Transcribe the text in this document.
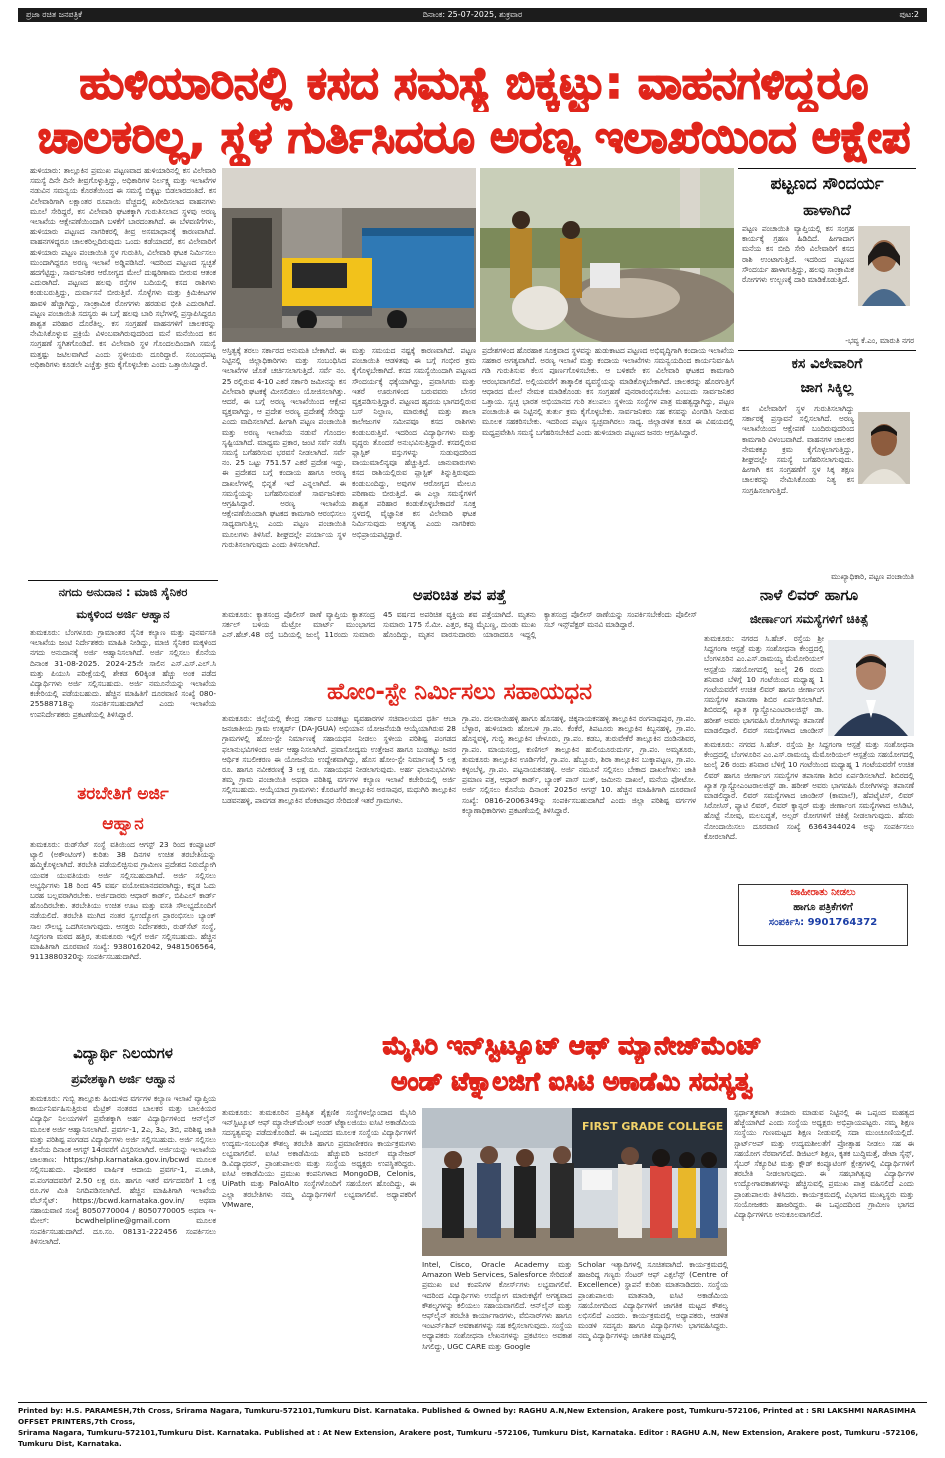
ಪ್ರಜಾ ರಚಿತ ಜನಪತ್ರಿಕೆ	ದಿನಾಂಕ: 25-07-2025, ಶುಕ್ರವಾರ	ಪುಟ:2
ಹುಳಿಯಾರಿನಲ್ಲಿ ಕಸದ ಸಮಸ್ಯೆ ಬಿಕ್ಕಟ್ಟು: ವಾಹನಗಳಿದ್ದರೂ
ಚಾಲಕರಿಲ್ಲ, ಸ್ಥಳ ಗುರ್ತಿಸಿದರೂ ಅರಣ್ಯ ಇಲಾಖೆಯಿಂದ ಆಕ್ಷೇಪ
ಹುಳಿಯಾರು: ತಾಲ್ಲೂಕಿನ ಪ್ರಮುಖ ಪಟ್ಟಣವಾದ ಹುಳಿಯಾರಿನಲ್ಲಿ ಕಸ ವಿಲೇವಾರಿ ಸಮಸ್ಯೆ ದಿನೇ ದಿನೇ ತೀವ್ರಗೊಳ್ಳುತ್ತಿದ್ದು, ಅಧಿಕಾರಿಗಳ ನಿರ್ಲಕ್ಷ್ಯ ಮತ್ತು ಇಲಾಖೆಗಳ ನಡುವಿನ ಸಮನ್ವಯ ಕೊರತೆಯಿಂದ ಈ ಸಮಸ್ಯೆ ಬಿಕ್ಕಟ್ಟು ಬಿಡಲಾರದಂತಿದೆ. ಕಸ ವಿಲೇವಾರಿಗಾಗಿ ಲಕ್ಷಾಂತರ ರೂಪಾಯಿ ವೆಚ್ಚದಲ್ಲಿ ಖರೀದಿಸಲಾದ ವಾಹನಗಳು ಮೂಲೆ ಸೇರಿದ್ದರೆ, ಕಸ ವಿಲೇವಾರಿ ಘಟಕಕ್ಕಾಗಿ ಗುರುತಿಸಲಾದ ಸ್ಥಳವು ಅರಣ್ಯ ಇಲಾಖೆಯ ಆಕ್ಷೇಪಣೆಯಿಂದಾಗಿ ಬಳಕೆಗೆ ಬಾರದಂತಾಗಿದೆ. ಈ ಬೆಳವಣಿಗೆಗಳು, ಹುಳಿಯಾರು ಪಟ್ಟಣದ ನಾಗರಿಕರಲ್ಲಿ ತೀವ್ರ ಅಸಮಾಧಾನಕ್ಕೆ ಕಾರಣವಾಗಿದೆ. ವಾಹನಗಳಿದ್ದರೂ ಚಾಲಕರಿಲ್ಲದಿರುವುದು ಒಂದು ಕಡೆಯಾದರೆ, ಕಸ ವಿಲೇವಾರಿಗೆ ಹುಳಿಯಾರು ಪಟ್ಟಣ ಪಂಚಾಯಿತಿ ಸ್ಥಳ ಗುರುತಿಸಿ, ವಿಲೇವಾರಿ ಘಟಕ ನಿರ್ಮಿಸಲು ಮುಂದಾಗಿದ್ದರೂ ಅರಣ್ಯ ಇಲಾಖೆ ಅಡ್ಡಿಪಡಿಸಿದೆ. ಇದರಿಂದ ಪಟ್ಟಣದ ಸ್ವಚ್ಛತೆ ಹದಗೆಟ್ಟಿದ್ದು, ಸಾರ್ವಜನಿಕರ ಆರೋಗ್ಯದ ಮೇಲೆ ದುಷ್ಪರಿಣಾಮ ಬೀರುವ ಆತಂಕ ಎದುರಾಗಿದೆ. ಪಟ್ಟಣದ ಹಲವು ರಸ್ತೆಗಳ ಬದಿಯಲ್ಲಿ ಕಸದ ರಾಶಿಗಳು ಕಂಡುಬರುತ್ತಿದ್ದು, ದುರ್ವಾಸನೆ ಬೀರುತ್ತಿವೆ. ಸೊಳ್ಳೆಗಳು ಮತ್ತು ಕ್ರಿಮಿಕೀಟಗಳ ಹಾವಳಿ ಹೆಚ್ಚಾಗಿದ್ದು, ಸಾಂಕ್ರಾಮಿಕ ರೋಗಗಳು ಹರಡುವ ಭೀತಿ ಎದುರಾಗಿದೆ. ಪಟ್ಟಣ ಪಂಚಾಯಿತಿ ಸದಸ್ಯರು ಈ ಬಗ್ಗೆ ಹಲವು ಬಾರಿ ಸಭೆಗಳಲ್ಲಿ ಪ್ರಸ್ತಾಪಿಸಿದ್ದರೂ ಶಾಶ್ವತ ಪರಿಹಾರ ದೊರೆತಿಲ್ಲ. ಕಸ ಸಂಗ್ರಹಣೆ ವಾಹನಗಳಿಗೆ ಚಾಲಕರನ್ನು ನೇಮಿಸಿಕೊಳ್ಳುವ ಪ್ರಕ್ರಿಯೆ ವಿಳಂಬವಾಗಿರುವುದರಿಂದ ಮನೆ ಮನೆಯಿಂದ ಕಸ ಸಂಗ್ರಹಣೆ ಸ್ಥಗಿತಗೊಂಡಿದೆ. ಕಸ ವಿಲೇವಾರಿ ಸ್ಥಳ ಗೊಂದಲದಿಂದಾಗಿ ಸಮಸ್ಯೆ ಮತ್ತಷ್ಟು ಜಟಿಲವಾಗಿದೆ ಎಂದು ಸ್ಥಳೀಯರು ದೂರಿದ್ದಾರೆ. ಸಂಬಂಧಪಟ್ಟ ಅಧಿಕಾರಿಗಳು ಕೂಡಲೇ ಎಚ್ಚೆತ್ತು ಕ್ರಮ ಕೈಗೊಳ್ಳಬೇಕು ಎಂದು ಒತ್ತಾಯಿಸಿದ್ದಾರೆ.
ಪಟ್ಟಣದ ಸೌಂದರ್ಯ
ಹಾಳಾಗಿದೆ
ಪಟ್ಟಣ ಪಂಚಾಯಿತಿ ವ್ಯಾಪ್ತಿಯಲ್ಲಿ ಕಸ ಸಂಗ್ರಹ ಕಾರ್ಯಕ್ಕೆ ಗ್ರಹಣ ಹಿಡಿದಿದೆ. ಹೀಗಾದಾಗ ಮನೆಯ ಕಸ ಬೀದಿ ಸೇರಿ ವಿಲೇವಾರಿಗೆ ಕಸದ ರಾಶಿ ಉಂಟಾಗುತ್ತಿದೆ. ಇದರಿಂದ ಪಟ್ಟಣದ ಸೌಂದರ್ಯ ಹಾಳಾಗುತ್ತಿದ್ದು, ಹಲವು ಸಾಂಕ್ರಾಮಿಕ ರೋಗಗಳು ಉಲ್ಬಣಕ್ಕೆ ದಾರಿ ಮಾಡಿಕೊಡುತ್ತಿದೆ.
-ಭವ್ಯ ಕೆ.ಎಂ, ಮಾರುತಿ ನಗರ
ಕಸ ವಿಲೇವಾರಿಗೆ
ಜಾಗ ಸಿಕ್ಕಿಲ್ಲ
ಕಸ ವಿಲೇವಾರಿಗೆ ಸ್ಥಳ ಗುರುತಿಸಲಾಗಿದ್ದು ಸರ್ಕಾರಕ್ಕೆ ಪ್ರಸ್ತಾವನೆ ಸಲ್ಲಿಸಲಾಗಿದೆ. ಅರಣ್ಯ ಇಲಾಖೆಯಿಂದ ಆಕ್ಷೇಪಣೆ ಬಂದಿರುವುದರಿಂದ ಕಾಮಗಾರಿ ವಿಳಂಬವಾಗಿದೆ. ವಾಹನಗಳ ಚಾಲಕರ ನೇಮಕಕ್ಕೂ ಕ್ರಮ ಕೈಗೊಳ್ಳಲಾಗುತ್ತಿದ್ದು, ಶೀಘ್ರದಲ್ಲೇ ಸಮಸ್ಯೆ ಬಗೆಹರಿಸಲಾಗುವುದು. ಹೀಗಾಗಿ ಕಸ ಸಂಗ್ರಹಣೆಗೆ ಸ್ಥಳ ಸಿಕ್ಕ ತಕ್ಷಣ ಚಾಲಕರನ್ನು ನೇಮಿಸಿಕೊಂಡು ನಿತ್ಯ ಕಸ ಸಂಗ್ರಹಿಸಲಾಗುತ್ತಿದೆ.
ಮುಖ್ಯಾಧಿಕಾರಿ, ಪಟ್ಟಣ ಪಂಚಾಯಿತಿ
ಅಸ್ತಿತ್ವಕ್ಕೆ ತರಲು ಸರ್ಕಾರದ ಅನುಮತಿ ಬೇಕಾಗಿದೆ. ಈ ನಿಟ್ಟಿನಲ್ಲಿ ಜಿಲ್ಲಾಧಿಕಾರಿಗಳು ಮತ್ತು ಸಂಬಂಧಿಸಿದ ಇಲಾಖೆಗಳ ಜೊತೆ ಚರ್ಚಿಸಲಾಗುತ್ತಿದೆ. ಸರ್ವೆ ನಂ. 25 ರಲ್ಲಿರುವ 4-10 ಎಕರೆ ಸರ್ಕಾರಿ ಜಮೀನನ್ನು ಕಸ ವಿಲೇವಾರಿ ಘಟಕಕ್ಕೆ ಮೀಸಲಿಡಲು ಯೋಜಿಸಲಾಗಿತ್ತು. ಆದರೆ, ಈ ಬಗ್ಗೆ ಅರಣ್ಯ ಇಲಾಖೆಯಿಂದ ಆಕ್ಷೇಪ ವ್ಯಕ್ತವಾಗಿದ್ದು, ಆ ಪ್ರದೇಶ ಅರಣ್ಯ ಪ್ರದೇಶಕ್ಕೆ ಸೇರಿದ್ದು ಎಂದು ವಾದಿಸಲಾಗಿದೆ. ಹೀಗಾಗಿ ಪಟ್ಟಣ ಪಂಚಾಯಿತಿ ಮತ್ತು ಅರಣ್ಯ ಇಲಾಖೆಯ ನಡುವೆ ಗೊಂದಲ ಸೃಷ್ಟಿಯಾಗಿದೆ. ಮಾಧ್ಯಮ ಪ್ರಕಾರ, ಜಂಟಿ ಸರ್ವೆ ನಡೆಸಿ ಸಮಸ್ಯೆ ಬಗೆಹರಿಸುವ ಭರವಸೆ ನೀಡಲಾಗಿದೆ. ಸರ್ವೆ ನಂ. 25 ಒಟ್ಟು 751.57 ಎಕರೆ ಪ್ರದೇಶ ಇದ್ದು, ಈ ಪ್ರದೇಶದ ಬಗ್ಗೆ ಕಂದಾಯ ಹಾಗೂ ಅರಣ್ಯ ದಾಖಲೆಗಳಲ್ಲಿ ಭಿನ್ನತೆ ಇದೆ ಎನ್ನಲಾಗಿದೆ. ಈ ಸಮಸ್ಯೆಯನ್ನು ಬಗೆಹರಿಸುವಂತೆ ಸಾರ್ವಜನಿಕರು ಆಗ್ರಹಿಸಿದ್ದಾರೆ. ಅರಣ್ಯ ಇಲಾಖೆಯ ಆಕ್ಷೇಪಣೆಯಿಂದಾಗಿ ಘಟಕದ ಕಾಮಗಾರಿ ಆರಂಭಿಸಲು ಸಾಧ್ಯವಾಗುತ್ತಿಲ್ಲ ಎಂದು ಪಟ್ಟಣ ಪಂಚಾಯಿತಿ ಮೂಲಗಳು ತಿಳಿಸಿವೆ. ಶೀಘ್ರದಲ್ಲೇ ಪರ್ಯಾಯ ಸ್ಥಳ ಗುರುತಿಸಲಾಗುವುದು ಎಂದು ತಿಳಿಸಲಾಗಿದೆ.
ಮತ್ತು ಸಮಯದ ನಷ್ಟಕ್ಕೆ ಕಾರಣವಾಗಿದೆ. ಪಟ್ಟಣ ಪಂಚಾಯಿತಿ ಆಡಳಿತವು ಈ ಬಗ್ಗೆ ಗಂಭೀರ ಕ್ರಮ ಕೈಗೊಳ್ಳಬೇಕಾಗಿದೆ. ಕಸದ ಸಮಸ್ಯೆಯಿಂದಾಗಿ ಪಟ್ಟಣದ ಸೌಂದರ್ಯಕ್ಕೆ ಧಕ್ಕೆಯಾಗಿದ್ದು, ಪ್ರವಾಸಿಗರು ಮತ್ತು ಇತರೆ ಊರುಗಳಿಂದ ಬರುವವರು ಬೇಸರ ವ್ಯಕ್ತಪಡಿಸುತ್ತಿದ್ದಾರೆ. ಪಟ್ಟಣದ ಹೃದಯ ಭಾಗದಲ್ಲಿರುವ ಬಸ್ ನಿಲ್ದಾಣ, ಮಾರುಕಟ್ಟೆ ಮತ್ತು ಶಾಲಾ ಕಾಲೇಜುಗಳ ಸಮೀಪವೂ ಕಸದ ರಾಶಿಗಳು ಕಂಡುಬರುತ್ತಿವೆ. ಇದರಿಂದ ವಿದ್ಯಾರ್ಥಿಗಳು ಮತ್ತು ವೃದ್ಧರು ತೊಂದರೆ ಅನುಭವಿಸುತ್ತಿದ್ದಾರೆ. ಕಸದಲ್ಲಿರುವ ಪ್ಲಾಸ್ಟಿಕ್ ವಸ್ತುಗಳನ್ನು ಸುಡುವುದರಿಂದ ವಾಯುಮಾಲಿನ್ಯವೂ ಹೆಚ್ಚುತ್ತಿದೆ. ಜಾನುವಾರುಗಳು ಕಸದ ರಾಶಿಯಲ್ಲಿರುವ ಪ್ಲಾಸ್ಟಿಕ್ ತಿನ್ನುತ್ತಿರುವುದು ಕಂಡುಬಂದಿದ್ದು, ಅವುಗಳ ಆರೋಗ್ಯದ ಮೇಲೂ ಪರಿಣಾಮ ಬೀರುತ್ತಿದೆ. ಈ ಎಲ್ಲಾ ಸಮಸ್ಯೆಗಳಿಗೆ ಶಾಶ್ವತ ಪರಿಹಾರ ಕಂಡುಕೊಳ್ಳಬೇಕಾದರೆ ಸೂಕ್ತ ಸ್ಥಳದಲ್ಲಿ ವೈಜ್ಞಾನಿಕ ಕಸ ವಿಲೇವಾರಿ ಘಟಕ ನಿರ್ಮಿಸುವುದು ಅತ್ಯಗತ್ಯ ಎಂದು ನಾಗರಿಕರು ಅಭಿಪ್ರಾಯಪಟ್ಟಿದ್ದಾರೆ.
ಪ್ರದೇಶಗಳಿಂದ ಹೊರಹಾಕ ಸೂಕ್ತವಾದ ಸ್ಥಳವನ್ನು ಹುಡುಕಾಟದ ಪಟ್ಟಣದ ಅಭಿವೃದ್ಧಿಗಾಗಿ ಕಂದಾಯ ಇಲಾಖೆಯ ಸಹಕಾರ ಅಗತ್ಯವಾಗಿದೆ. ಅರಣ್ಯ ಇಲಾಖೆ ಮತ್ತು ಕಂದಾಯ ಇಲಾಖೆಗಳು ಸಮನ್ವಯದಿಂದ ಕಾರ್ಯನಿರ್ವಹಿಸಿ ಗಡಿ ಗುರುತಿಸುವ ಕೆಲಸ ಪೂರ್ಣಗೊಳಿಸಬೇಕು. ಆ ಬಳಿಕವೇ ಕಸ ವಿಲೇವಾರಿ ಘಟಕದ ಕಾಮಗಾರಿ ಆರಂಭವಾಗಲಿದೆ. ಅಲ್ಲಿಯವರೆಗೆ ತಾತ್ಕಾಲಿಕ ವ್ಯವಸ್ಥೆಯನ್ನು ಮಾಡಿಕೊಳ್ಳಬೇಕಾಗಿದೆ. ಚಾಲಕರನ್ನು ಹೊರಗುತ್ತಿಗೆ ಆಧಾರದ ಮೇಲೆ ನೇಮಕ ಮಾಡಿಕೊಂಡು ಕಸ ಸಂಗ್ರಹಣೆ ಪುನರಾರಂಭಿಸಬೇಕು ಎಂಬುದು ಸಾರ್ವಜನಿಕರ ಒತ್ತಾಯ. ಸ್ವಚ್ಛ ಭಾರತ ಅಭಿಯಾನದ ಗುರಿ ತಲುಪಲು ಸ್ಥಳೀಯ ಸಂಸ್ಥೆಗಳ ಪಾತ್ರ ಮಹತ್ವದ್ದಾಗಿದ್ದು, ಪಟ್ಟಣ ಪಂಚಾಯಿತಿ ಈ ನಿಟ್ಟಿನಲ್ಲಿ ತುರ್ತು ಕ್ರಮ ಕೈಗೊಳ್ಳಬೇಕು. ಸಾರ್ವಜನಿಕರು ಸಹ ಕಸವನ್ನು ವಿಂಗಡಿಸಿ ನೀಡುವ ಮೂಲಕ ಸಹಕರಿಸಬೇಕು. ಇದರಿಂದ ಪಟ್ಟಣ ಸ್ವಚ್ಛವಾಗಿರಲು ಸಾಧ್ಯ. ಜಿಲ್ಲಾಡಳಿತ ಕೂಡ ಈ ವಿಷಯದಲ್ಲಿ ಮಧ್ಯಪ್ರವೇಶಿಸಿ ಸಮಸ್ಯೆ ಬಗೆಹರಿಸಬೇಕಿದೆ ಎಂದು ಹುಳಿಯಾರು ಪಟ್ಟಣದ ಜನರು ಆಗ್ರಹಿಸಿದ್ದಾರೆ.
ನಗದು ಅನುದಾನ : ಮಾಜಿ ಸೈನಿಕರ
ಮಕ್ಕಳಿಂದ ಅರ್ಜಿ ಆಹ್ವಾನ
ತುಮಕೂರು: ಬೆಂಗಳೂರು ಗ್ರಾಮಾಂತರ ಸೈನಿಕ ಕಲ್ಯಾಣ ಮತ್ತು ಪುನರ್ವಸತಿ ಇಲಾಖೆಯ ಜಂಟಿ ನಿರ್ದೇಶಕರು ಮಾಹಿತಿ ನೀಡಿದ್ದು, ಮಾಜಿ ಸೈನಿಕರ ಮಕ್ಕಳಿಂದ ನಗದು ಅನುದಾನಕ್ಕೆ ಅರ್ಜಿ ಆಹ್ವಾನಿಸಲಾಗಿದೆ. ಅರ್ಜಿ ಸಲ್ಲಿಸಲು ಕೊನೆಯ ದಿನಾಂಕ 31-08-2025. 2024-25ನೇ ಸಾಲಿನ ಎಸ್.ಎಸ್.ಎಲ್.ಸಿ ಮತ್ತು ಪಿಯುಸಿ ಪರೀಕ್ಷೆಯಲ್ಲಿ ಶೇಕಡ 60ಕ್ಕಿಂತ ಹೆಚ್ಚು ಅಂಕ ಪಡೆದ ವಿದ್ಯಾರ್ಥಿಗಳು ಅರ್ಜಿ ಸಲ್ಲಿಸಬಹುದು. ಅರ್ಜಿ ನಮೂನೆಯನ್ನು ಇಲಾಖೆಯ ಕಚೇರಿಯಲ್ಲಿ ಪಡೆಯಬಹುದು. ಹೆಚ್ಚಿನ ಮಾಹಿತಿಗೆ ದೂರವಾಣಿ ಸಂಖ್ಯೆ 080-25588718ನ್ನು ಸಂಪರ್ಕಿಸಬಹುದಾಗಿದೆ ಎಂದು ಇಲಾಖೆಯ ಉಪನಿರ್ದೇಶಕರು ಪ್ರಕಟಣೆಯಲ್ಲಿ ತಿಳಿಸಿದ್ದಾರೆ.
ಅಪರಿಚಿತ ಶವ ಪತ್ತೆ
ತುಮಕೂರು: ಕ್ಯಾತಸಂದ್ರ ಪೊಲೀಸ್ ಠಾಣೆ ವ್ಯಾಪ್ತಿಯ ಕ್ಯಾತಸಂದ್ರ ಸರ್ಕಲ್ ಬಳಿಯ ಮೆಟ್ರೋ ಮಾರ್ಟ್ ಮುಂಭಾಗದ ಎನ್.ಹೆಚ್.48 ರಸ್ತೆ ಬದಿಯಲ್ಲಿ ಜುಲೈ 11ರಂದು ಸುಮಾರು 45 ವರ್ಷದ ಅಪರಿಚಿತ ವ್ಯಕ್ತಿಯ ಶವ ಪತ್ತೆಯಾಗಿದೆ. ಮೃತನು ಸುಮಾರು 175 ಸೆ.ಮೀ. ಎತ್ತರ, ಕಪ್ಪು ಮೈಬಣ್ಣ, ದುಂಡು ಮುಖ ಹೊಂದಿದ್ದು, ಮೃತನ ವಾರಸುದಾರರು ಯಾರಾದರೂ ಇದ್ದಲ್ಲಿ ಕ್ಯಾತಸಂದ್ರ ಪೊಲೀಸ್ ಠಾಣೆಯನ್ನು ಸಂಪರ್ಕಿಸಬೇಕೆಂದು ಪೊಲೀಸ್ ಸಬ್ ಇನ್ಸ್‌ಪೆಕ್ಟರ್ ಮನವಿ ಮಾಡಿದ್ದಾರೆ.
ನಾಳೆ ಲಿವರ್ ಹಾಗೂ
ಜೀರ್ಣಾಂಗ ಸಮಸ್ಯೆಗಳಿಗೆ ಚಿಕಿತ್ಸೆ
ತುಮಕೂರು: ನಗರದ ಸಿ.ಹೆಚ್. ರಸ್ತೆಯ ಶ್ರೀ ಸಿದ್ದಗಂಗಾ ಆಸ್ಪತ್ರೆ ಮತ್ತು ಸಂಶೋಧನಾ ಕೇಂದ್ರದಲ್ಲಿ ಬೆಂಗಳೂರಿನ ಎಂ.ಎಸ್.ರಾಮಯ್ಯ ಮೆಮೋರಿಯಲ್ ಆಸ್ಪತ್ರೆಯ ಸಹಯೋಗದಲ್ಲಿ ಜುಲೈ 26 ರಂದು ಶನಿವಾರ ಬೆಳಿಗ್ಗೆ 10 ಗಂಟೆಯಿಂದ ಮಧ್ಯಾಹ್ನ 1 ಗಂಟೆಯವರೆಗೆ ಉಚಿತ ಲಿವರ್ ಹಾಗೂ ಜೀರ್ಣಾಂಗ ಸಮಸ್ಯೆಗಳ ತಪಾಸಣಾ ಶಿಬಿರ ಏರ್ಪಡಿಸಲಾಗಿದೆ. ಶಿಬಿರದಲ್ಲಿ ಖ್ಯಾತ ಗ್ಯಾಸ್ಟ್ರೋಎಂಟರಾಲಜಿಸ್ಟ್ ಡಾ. ಹರೀಶ್ ಅವರು ಭಾಗವಹಿಸಿ ರೋಗಿಗಳನ್ನು ತಪಾಸಣೆ ಮಾಡಲಿದ್ದಾರೆ. ಲಿವರ್ ಸಮಸ್ಯೆಗಳಾದ ಜಾಂಡೀಸ್
ತುಮಕೂರು: ನಗರದ ಸಿ.ಹೆಚ್. ರಸ್ತೆಯ ಶ್ರೀ ಸಿದ್ದಗಂಗಾ ಆಸ್ಪತ್ರೆ ಮತ್ತು ಸಂಶೋಧನಾ ಕೇಂದ್ರದಲ್ಲಿ ಬೆಂಗಳೂರಿನ ಎಂ.ಎಸ್.ರಾಮಯ್ಯ ಮೆಮೋರಿಯಲ್ ಆಸ್ಪತ್ರೆಯ ಸಹಯೋಗದಲ್ಲಿ ಜುಲೈ 26 ರಂದು ಶನಿವಾರ ಬೆಳಿಗ್ಗೆ 10 ಗಂಟೆಯಿಂದ ಮಧ್ಯಾಹ್ನ 1 ಗಂಟೆಯವರೆಗೆ ಉಚಿತ ಲಿವರ್ ಹಾಗೂ ಜೀರ್ಣಾಂಗ ಸಮಸ್ಯೆಗಳ ತಪಾಸಣಾ ಶಿಬಿರ ಏರ್ಪಡಿಸಲಾಗಿದೆ. ಶಿಬಿರದಲ್ಲಿ ಖ್ಯಾತ ಗ್ಯಾಸ್ಟ್ರೋಎಂಟರಾಲಜಿಸ್ಟ್ ಡಾ. ಹರೀಶ್ ಅವರು ಭಾಗವಹಿಸಿ ರೋಗಿಗಳನ್ನು ತಪಾಸಣೆ ಮಾಡಲಿದ್ದಾರೆ. ಲಿವರ್ ಸಮಸ್ಯೆಗಳಾದ ಜಾಂಡೀಸ್ (ಕಾಮಾಲೆ), ಹೆಪಟೈಟಿಸ್, ಲಿವರ್ ಸಿರೋಸಿಸ್, ಫ್ಯಾಟಿ ಲಿವರ್, ಲಿವರ್ ಕ್ಯಾನ್ಸರ್ ಮತ್ತು ಜೀರ್ಣಾಂಗ ಸಮಸ್ಯೆಗಳಾದ ಅಸಿಡಿಟಿ, ಹೊಟ್ಟೆ ನೋವು, ಮಲಬದ್ಧತೆ, ಅಲ್ಸರ್ ರೋಗಗಳಿಗೆ ಚಿಕಿತ್ಸೆ ನೀಡಲಾಗುವುದು. ಹೆಸರು ನೋಂದಾಯಿಸಲು ದೂರವಾಣಿ ಸಂಖ್ಯೆ 6364344024 ಅನ್ನು ಸಂಪರ್ಕಿಸಲು ಕೋರಲಾಗಿದೆ.
ಹೋಂ-ಸ್ಟೇ ನಿರ್ಮಿಸಲು ಸಹಾಯಧನ
ತುಮಕೂರು: ಜಿಲ್ಲೆಯಲ್ಲಿ ಕೇಂದ್ರ ಸರ್ಕಾರ ಬುಡಕಟ್ಟು ವ್ಯವಹಾರಗಳ ಸಚಿವಾಲಯದ ಧರ್ತಿ ಆಬಾ ಜನಜಾತೀಯ ಗ್ರಾಮ ಉತ್ಕರ್ಷ್ (DA-JGUA) ಅಭಿಯಾನ ಯೋಜನೆಯಡಿ ಆಯ್ಕೆಯಾಗಿರುವ 28 ಗ್ರಾಮಗಳಲ್ಲಿ ಹೋಂ-ಸ್ಟೇ ನಿರ್ಮಾಣಕ್ಕೆ ಸಹಾಯಧನ ನೀಡಲು ಸ್ಥಳೀಯ ಪರಿಶಿಷ್ಟ ಪಂಗಡದ ಫಲಾನುಭವಿಗಳಿಂದ ಅರ್ಜಿ ಆಹ್ವಾನಿಸಲಾಗಿದೆ. ಪ್ರವಾಸೋದ್ಯಮ ಉತ್ತೇಜನ ಹಾಗೂ ಬುಡಕಟ್ಟು ಜನರ ಆರ್ಥಿಕ ಸಬಲೀಕರಣ ಈ ಯೋಜನೆಯ ಉದ್ದೇಶವಾಗಿದ್ದು, ಹೊಸ ಹೋಂ-ಸ್ಟೇ ನಿರ್ಮಾಣಕ್ಕೆ 5 ಲಕ್ಷ ರೂ. ಹಾಗೂ ನವೀಕರಣಕ್ಕೆ 3 ಲಕ್ಷ ರೂ. ಸಹಾಯಧನ ನೀಡಲಾಗುವುದು. ಅರ್ಹ ಫಲಾನುಭವಿಗಳು ತಮ್ಮ ಗ್ರಾಮ ಪಂಚಾಯಿತಿ ಅಥವಾ ಪರಿಶಿಷ್ಟ ವರ್ಗಗಳ ಕಲ್ಯಾಣ ಇಲಾಖೆ ಕಚೇರಿಯಲ್ಲಿ ಅರ್ಜಿ ಸಲ್ಲಿಸಬಹುದು. ಆಯ್ಕೆಯಾದ ಗ್ರಾಮಗಳು: ಕೊರಟಗೆರೆ ತಾಲ್ಲೂಕಿನ ಅರಸಾಪುರ, ಮಧುಗಿರಿ ತಾಲ್ಲೂಕಿನ ಬಡವನಹಳ್ಳಿ, ಪಾವಗಡ ತಾಲ್ಲೂಕಿನ ವೆಂಕಟಾಪುರ ಸೇರಿದಂತೆ ಇತರೆ ಗ್ರಾಮಗಳು.
ಗ್ರಾ.ಪಂ. ದಲವಾಯಿಹಳ್ಳಿ ಹಾಗೂ ಹೊಸಹಳ್ಳಿ, ಚಿಕ್ಕನಾಯಕನಹಳ್ಳಿ ತಾಲ್ಲೂಕಿನ ರಂಗನಾಥಪುರ, ಗ್ರಾ.ಪಂ. ಬೆಳ್ಳಾರ, ಹುಳಿಯಾರು ಹೋಬಳಿ ಗ್ರಾ.ಪಂ. ಕೆಂಕೆರೆ, ತಿಪಟೂರು ತಾಲ್ಲೂಕಿನ ಕಿಬ್ಬನಹಳ್ಳಿ, ಗ್ರಾ.ಪಂ. ಹೊನ್ನವಳ್ಳಿ, ಗುಬ್ಬಿ ತಾಲ್ಲೂಕಿನ ಚೇಳೂರು, ಗ್ರಾ.ಪಂ. ಕಡಬ, ತುರುವೇಕೆರೆ ತಾಲ್ಲೂಕಿನ ದಂಡಿನಶಿವರ, ಗ್ರಾ.ಪಂ. ಮಾಯಸಂದ್ರ, ಕುಣಿಗಲ್ ತಾಲ್ಲೂಕಿನ ಹುಲಿಯೂರುದುರ್ಗ, ಗ್ರಾ.ಪಂ. ಅಮೃತೂರು, ತುಮಕೂರು ತಾಲ್ಲೂಕಿನ ಊರ್ಡಿಗೆರೆ, ಗ್ರಾ.ಪಂ. ಹೆಬ್ಬೂರು, ಶಿರಾ ತಾಲ್ಲೂಕಿನ ಬುಕ್ಕಾಪಟ್ಟಣ, ಗ್ರಾ.ಪಂ. ಕಳ್ಳಂಬೆಳ್ಳ, ಗ್ರಾ.ಪಂ. ಪಟ್ಟನಾಯಕನಹಳ್ಳಿ. ಅರ್ಜಿ ನಮೂನೆ ಸಲ್ಲಿಸಲು ಬೇಕಾದ ದಾಖಲೆಗಳು: ಜಾತಿ ಪ್ರಮಾಣ ಪತ್ರ, ಆಧಾರ್ ಕಾರ್ಡ್, ಬ್ಯಾಂಕ್ ಪಾಸ್ ಬುಕ್, ಜಮೀನು ದಾಖಲೆ, ಮನೆಯ ಫೋಟೋ. ಅರ್ಜಿ ಸಲ್ಲಿಸಲು ಕೊನೆಯ ದಿನಾಂಕ: 2025ರ ಆಗಸ್ಟ್ 10. ಹೆಚ್ಚಿನ ಮಾಹಿತಿಗಾಗಿ ದೂರವಾಣಿ ಸಂಖ್ಯೆ: 0816-2006349ನ್ನು ಸಂಪರ್ಕಿಸಬಹುದಾಗಿದೆ ಎಂದು ಜಿಲ್ಲಾ ಪರಿಶಿಷ್ಟ ವರ್ಗಗಳ ಕಲ್ಯಾಣಾಧಿಕಾರಿಗಳು ಪ್ರಕಟಣೆಯಲ್ಲಿ ತಿಳಿಸಿದ್ದಾರೆ.
ಜಾಹೀರಾತು ನೀಡಲು
ಹಾಗೂ ಪತ್ರಿಕೆಗಳಿಗೆ
ಸಂಪರ್ಕಿಸಿ: 9901764372
ತರಬೇತಿಗೆ ಅರ್ಜಿ
ಆಹ್ವಾನ
ತುಮಕೂರು: ರುಡ್‌ಸೆಟ್ ಸಂಸ್ಥೆ ವತಿಯಿಂದ ಆಗಸ್ಟ್ 23 ರಿಂದ ಕಂಪ್ಯೂಟರ್ ಟ್ಯಾಲಿ (ಅಕೌಂಟಿಂಗ್) ಕುರಿತು 38 ದಿನಗಳ ಉಚಿತ ತರಬೇತಿಯನ್ನು ಹಮ್ಮಿಕೊಳ್ಳಲಾಗಿದೆ. ತರಬೇತಿ ಪಡೆಯಲಿಚ್ಛಿಸುವ ಗ್ರಾಮೀಣ ಪ್ರದೇಶದ ನಿರುದ್ಯೋಗಿ ಯುವಕ ಯುವತಿಯರು ಅರ್ಜಿ ಸಲ್ಲಿಸಬಹುದಾಗಿದೆ. ಅರ್ಜಿ ಸಲ್ಲಿಸಲು ಅಭ್ಯರ್ಥಿಗಳು 18 ರಿಂದ 45 ವರ್ಷ ವಯೋಮಾನದವರಾಗಿದ್ದು, ಕನ್ನಡ ಓದು ಬರಹ ಬಲ್ಲವರಾಗಿರಬೇಕು. ಅರ್ಜಿದಾರರು ಆಧಾರ್ ಕಾರ್ಡ್, ಬಿಪಿಎಲ್ ಕಾರ್ಡ್ ಹೊಂದಿರಬೇಕು. ತರಬೇತಿಯು ಉಚಿತ ಊಟ ಮತ್ತು ವಸತಿ ಸೌಲಭ್ಯದೊಂದಿಗೆ ನಡೆಯಲಿದೆ. ತರಬೇತಿ ಮುಗಿದ ನಂತರ ಸ್ವಉದ್ಯೋಗ ಪ್ರಾರಂಭಿಸಲು ಬ್ಯಾಂಕ್ ಸಾಲ ಸೌಲಭ್ಯ ಒದಗಿಸಲಾಗುವುದು. ಆಸಕ್ತರು ನಿರ್ದೇಶಕರು, ರುಡ್‌ಸೆಟ್ ಸಂಸ್ಥೆ, ಸಿದ್ಧಗಂಗಾ ಮಠದ ಹತ್ತಿರ, ತುಮಕೂರು ಇಲ್ಲಿಗೆ ಅರ್ಜಿ ಸಲ್ಲಿಸಬಹುದು. ಹೆಚ್ಚಿನ ಮಾಹಿತಿಗಾಗಿ ದೂರವಾಣಿ ಸಂಖ್ಯೆ: 9380162042, 9481506564, 9113880320ನ್ನು ಸಂಪರ್ಕಿಸಬಹುದಾಗಿದೆ.
ಮೈಸಿರಿ ಇನ್‌ಸ್ಟಿಟ್ಯೂಟ್ ಆಫ್ ಮ್ಯಾನೇಜ್‌ಮೆಂಟ್
ಅಂಡ್ ಟೆಕ್ನಾಲಜಿಗೆ ಐಸಿಟಿ ಅಕಾಡೆಮಿ ಸದಸ್ಯತ್ವ
ವಿದ್ಯಾರ್ಥಿ ನಿಲಯಗಳ
ಪ್ರವೇಶಕ್ಕಾಗಿ ಅರ್ಜಿ ಆಹ್ವಾನ
ತುಮಕೂರು: ಗುಬ್ಬಿ ತಾಲ್ಲೂಕು ಹಿಂದುಳಿದ ವರ್ಗಗಳ ಕಲ್ಯಾಣ ಇಲಾಖೆ ವ್ಯಾಪ್ತಿಯ ಕಾರ್ಯನಿರ್ವಹಿಸುತ್ತಿರುವ ಮೆಟ್ರಿಕ್ ನಂತರದ ಬಾಲಕರ ಮತ್ತು ಬಾಲಕಿಯರ ವಿದ್ಯಾರ್ಥಿ ನಿಲಯಗಳಿಗೆ ಪ್ರವೇಶಕ್ಕಾಗಿ ಅರ್ಹ ವಿದ್ಯಾರ್ಥಿಗಳಿಂದ ಆನ್‌ಲೈನ್ ಮೂಲಕ ಅರ್ಜಿ ಆಹ್ವಾನಿಸಲಾಗಿದೆ. ಪ್ರವರ್ಗ-1, 2ಎ, 3ಎ, 3ಬಿ, ಪರಿಶಿಷ್ಟ ಜಾತಿ ಮತ್ತು ಪರಿಶಿಷ್ಟ ಪಂಗಡದ ವಿದ್ಯಾರ್ಥಿಗಳು ಅರ್ಜಿ ಸಲ್ಲಿಸಬಹುದು. ಅರ್ಜಿ ಸಲ್ಲಿಸಲು ಕೊನೆಯ ದಿನಾಂಕ ಆಗಸ್ಟ್ 14ರವರೆಗೆ ವಿಸ್ತರಿಸಲಾಗಿದೆ. ಅರ್ಜಿಯನ್ನು ಇಲಾಖೆಯ ಜಾಲತಾಣ: https://shp.karnataka.gov.in/bcwd ಮೂಲಕ ಸಲ್ಲಿಸಬಹುದು. ಪೋಷಕರ ವಾರ್ಷಿಕ ಆದಾಯ ಪ್ರವರ್ಗ-1, ಪ.ಜಾತಿ, ಪ.ಪಂಗಡದವರಿಗೆ 2.50 ಲಕ್ಷ ರೂ. ಹಾಗೂ ಇತರೆ ವರ್ಗದವರಿಗೆ 1 ಲಕ್ಷ ರೂ.ಗಳ ಮಿತಿ ನಿಗದಿಪಡಿಸಲಾಗಿದೆ. ಹೆಚ್ಚಿನ ಮಾಹಿತಿಗಾಗಿ ಇಲಾಖೆಯ ವೆಬ್‌ಸೈಟ್: https://bcwd.karnataka.gov.in/ ಅಥವಾ ಸಹಾಯವಾಣಿ ಸಂಖ್ಯೆ 8050770004 / 8050770005 ಅಥವಾ ಇ-ಮೇಲ್: bcwdhelpline@gmail.com ಮೂಲಕ ಸಂಪರ್ಕಿಸಬಹುದಾಗಿದೆ. ದೂ.ಸಂ. 08131-222456 ಸಂಪರ್ಕಿಸಲು ತಿಳಿಸಲಾಗಿದೆ.
ತುಮಕೂರು: ತುಮಕೂರಿನ ಪ್ರತಿಷ್ಠಿತ ಶೈಕ್ಷಣಿಕ ಸಂಸ್ಥೆಗಳಲ್ಲೊಂದಾದ ಮೈಸಿರಿ ಇನ್‌ಸ್ಟಿಟ್ಯೂಟ್ ಆಫ್ ಮ್ಯಾನೇಜ್‌ಮೆಂಟ್ ಅಂಡ್ ಟೆಕ್ನಾಲಜಿಯು ಐಸಿಟಿ ಅಕಾಡೆಮಿಯ ಸದಸ್ಯತ್ವವನ್ನು ಪಡೆದುಕೊಂಡಿದೆ. ಈ ಒಪ್ಪಂದದ ಮೂಲಕ ಸಂಸ್ಥೆಯ ವಿದ್ಯಾರ್ಥಿಗಳಿಗೆ ಉದ್ಯಮ-ಸಂಬಂಧಿತ ಕೌಶಲ್ಯ ತರಬೇತಿ ಹಾಗೂ ಪ್ರಮಾಣೀಕರಣ ಕಾರ್ಯಕ್ರಮಗಳು ಲಭ್ಯವಾಗಲಿವೆ. ಐಸಿಟಿ ಅಕಾಡೆಮಿಯ ಹೆಚ್ಚುವರಿ ಜನರಲ್ ಮ್ಯಾನೇಜರ್ ಡಿ.ವಿದ್ಯಾಧರನ್, ಪ್ರಾಂಶುಪಾಲರು ಮತ್ತು ಸಂಸ್ಥೆಯ ಅಧ್ಯಕ್ಷರು ಉಪಸ್ಥಿತರಿದ್ದರು. ಐಸಿಟಿ ಅಕಾಡೆಮಿಯು ಪ್ರಮುಖ ಕಂಪನಿಗಳಾದ MongoDB, Celonis, UiPath ಮತ್ತು PaloAlto ಸಂಸ್ಥೆಗಳೊಂದಿಗೆ ಸಹಯೋಗ ಹೊಂದಿದ್ದು, ಈ ಎಲ್ಲಾ ತರಬೇತಿಗಳು ನಮ್ಮ ವಿದ್ಯಾರ್ಥಿಗಳಿಗೆ ಲಭ್ಯವಾಗಲಿವೆ. ಅಧ್ಯಾಪಕರಿಗೆ VMware,
FIRST GRADE COLLEGE
Intel, Cisco, Oracle Academy ಮತ್ತು Amazon Web Services, Salesforce ಸೇರಿದಂತೆ ಪ್ರಮುಖ ಐಟಿ ಕಂಪನಿಗಳ ಕೋರ್ಸ್‌ಗಳು ಲಭ್ಯವಾಗಲಿವೆ. ಇದರಿಂದ ವಿದ್ಯಾರ್ಥಿಗಳು ಉದ್ಯೋಗ ಮಾರುಕಟ್ಟೆಗೆ ಅಗತ್ಯವಾದ ಕೌಶಲ್ಯಗಳನ್ನು ಕಲಿಯಲು ಸಹಾಯವಾಗಲಿದೆ. ಆನ್‌ಲೈನ್ ಮತ್ತು ಆಫ್‌ಲೈನ್ ತರಬೇತಿ ಕಾರ್ಯಾಗಾರಗಳು, ವೆಬಿನಾರ್‌ಗಳು ಹಾಗೂ ಇಂಟರ್ನ್‌ಶಿಪ್ ಅವಕಾಶಗಳನ್ನು ಸಹ ಕಲ್ಪಿಸಲಾಗುವುದು. ಸಂಸ್ಥೆಯ ಅಧ್ಯಾಪಕರು ಸಂಶೋಧನಾ ಲೇಖನಗಳನ್ನು ಪ್ರಕಟಿಸಲು ಅವಕಾಶ ಸಿಗಲಿದ್ದು, UGC CARE ಮತ್ತು Google
Scholar ಇತ್ಯಾದಿಗಳಲ್ಲಿ ಸೂಚಿತವಾಗಿದೆ. ಕಾರ್ಯಕ್ರಮದಲ್ಲಿ ಹಾಜರಿದ್ದ ಗಣ್ಯರು ಸೆಂಟರ್ ಆಫ್ ಎಕ್ಸಲೆನ್ಸ್ (Centre of Excellence) ಸ್ಥಾಪನೆ ಕುರಿತು ಮಾತನಾಡಿದರು. ಸಂಸ್ಥೆಯ ಪ್ರಾಂಶುಪಾಲರು ಮಾತನಾಡಿ, ಐಸಿಟಿ ಅಕಾಡೆಮಿಯ ಸಹಯೋಗದಿಂದ ವಿದ್ಯಾರ್ಥಿಗಳಿಗೆ ಜಾಗತಿಕ ಮಟ್ಟದ ಕೌಶಲ್ಯ ಲಭಿಸಲಿದೆ ಎಂದರು. ಕಾರ್ಯಕ್ರಮದಲ್ಲಿ ಅಧ್ಯಾಪಕರು, ಆಡಳಿತ ಮಂಡಳಿ ಸದಸ್ಯರು ಹಾಗೂ ವಿದ್ಯಾರ್ಥಿಗಳು ಭಾಗವಹಿಸಿದ್ದರು. ನಮ್ಮ ವಿದ್ಯಾರ್ಥಿಗಳನ್ನು ಜಾಗತಿಕ ಮಟ್ಟದಲ್ಲಿ
ಸ್ಪರ್ಧಾತ್ಮಕವಾಗಿ ತಯಾರು ಮಾಡುವ ನಿಟ್ಟಿನಲ್ಲಿ ಈ ಒಪ್ಪಂದ ಮಹತ್ವದ ಹೆಜ್ಜೆಯಾಗಿದೆ ಎಂದು ಸಂಸ್ಥೆಯ ಅಧ್ಯಕ್ಷರು ಅಭಿಪ್ರಾಯಪಟ್ಟರು. ನಮ್ಮ ಶಿಕ್ಷಣ ಸಂಸ್ಥೆಯು ಗುಣಮಟ್ಟದ ಶಿಕ್ಷಣ ನೀಡುವಲ್ಲಿ ಸದಾ ಮುಂಚೂಣಿಯಲ್ಲಿದೆ. ಸ್ಟಾರ್ಟ್‌ಅಪ್ ಮತ್ತು ಉದ್ಯಮಶೀಲತೆಗೆ ಪ್ರೋತ್ಸಾಹ ನೀಡಲು ಸಹ ಈ ಸಹಯೋಗ ನೆರವಾಗಲಿದೆ. ಡಿಜಿಟಲ್ ಶಿಕ್ಷಣ, ಕೃತಕ ಬುದ್ಧಿಮತ್ತೆ, ಡೇಟಾ ಸೈನ್ಸ್, ಸೈಬರ್ ಸೆಕ್ಯೂರಿಟಿ ಮತ್ತು ಕ್ಲೌಡ್ ಕಂಪ್ಯೂಟಿಂಗ್ ಕ್ಷೇತ್ರಗಳಲ್ಲಿ ವಿದ್ಯಾರ್ಥಿಗಳಿಗೆ ತರಬೇತಿ ನೀಡಲಾಗುವುದು. ಈ ಸಹಭಾಗಿತ್ವವು ವಿದ್ಯಾರ್ಥಿಗಳ ಉದ್ಯೋಗಾವಕಾಶಗಳನ್ನು ಹೆಚ್ಚಿಸುವಲ್ಲಿ ಪ್ರಮುಖ ಪಾತ್ರ ವಹಿಸಲಿದೆ ಎಂದು ಪ್ರಾಂಶುಪಾಲರು ತಿಳಿಸಿದರು. ಕಾರ್ಯಕ್ರಮದಲ್ಲಿ ವಿಭಾಗದ ಮುಖ್ಯಸ್ಥರು ಮತ್ತು ಸಂಯೋಜಕರು ಹಾಜರಿದ್ದರು. ಈ ಒಪ್ಪಂದದಿಂದ ಗ್ರಾಮೀಣ ಭಾಗದ ವಿದ್ಯಾರ್ಥಿಗಳಿಗೂ ಅನುಕೂಲವಾಗಲಿದೆ.
Printed by: H.S. PARAMESH,7th Cross, Srirama Nagara, Tumkuru-572101,Tumkuru Dist. Karnataka. Published & Owned by: RAGHU A.N,New Extension, Arakere post, Tumkuru-572106, Printed at : SRI LAKSHMI NARASIMHA OFFSET PRINTERS,7th Cross,
Srirama Nagara, Tumkuru-572101,Tumkuru Dist. Karnataka. Published at : At New Extension, Arakere post, Tumkuru -572106, Tumkuru Dist, Karnataka. Editor : RAGHU A.N, New Extension, Arakere post, Tumkuru -572106, Tumkuru Dist, Karnataka.
